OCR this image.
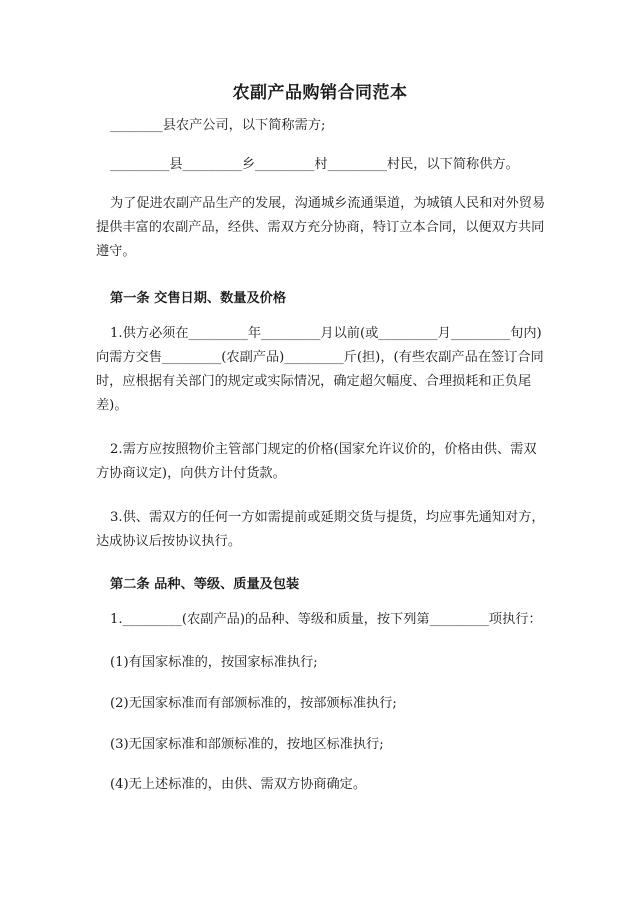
农副产品购销合同范本

________县农产公司，以下简称需方;

_________县_________乡_________村_________村民，以下简称供方。

为了促进农副产品生产的发展，沟通城乡流通渠道，为城镇人民和对外贸易提供丰富的农副产品，经供、需双方充分协商，特订立本合同，以便双方共同遵守。

第一条 交售日期、数量及价格

1.供方必须在_________年_________月以前(或_________月_________旬内)向需方交售_________(农副产品)_________斤(担)，(有些农副产品在签订合同时，应根据有关部门的规定或实际情况，确定超欠幅度、合理损耗和正负尾差)。

2.需方应按照物价主管部门规定的价格(国家允许议价的，价格由供、需双方协商议定)，向供方计付货款。

3.供、需双方的任何一方如需提前或延期交货与提货，均应事先通知对方，达成协议后按协议执行。

第二条 品种、等级、质量及包装

1._________(农副产品)的品种、等级和质量，按下列第_________项执行：

(1)有国家标准的，按国家标准执行;

(2)无国家标准而有部颁标准的，按部颁标准执行;

(3)无国家标准和部颁标准的，按地区标准执行;

(4)无上述标准的，由供、需双方协商确定。
